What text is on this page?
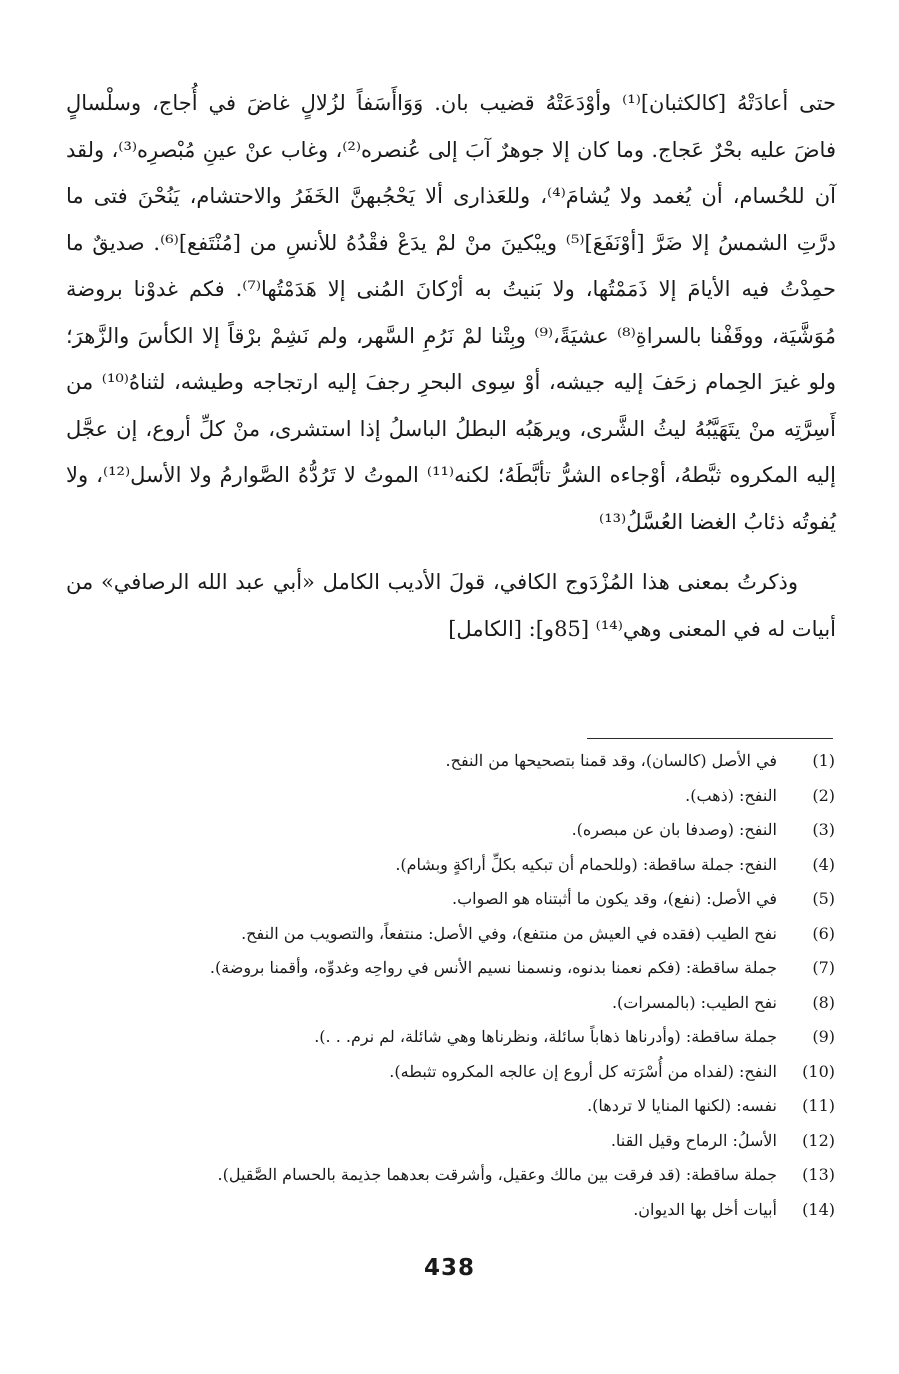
حتى أعادَتْهُ [كالكثبان]⁽¹⁾ وأوْدَعَتْهُ قضيب بان. وَوَاأَسَفاً لزُلالٍ غاضَ في أُجاج، وسلْسالٍ فاضَ عليه بحْرٌ عَجاج. وما كان إلا جوهرٌ آبَ إلى عُنصره⁽²⁾، وغاب عنْ عينِ مُبْصرِه⁽³⁾، ولقد آن للحُسام، أن يُغمد ولا يُشامَ⁽⁴⁾، وللعَذارى ألا يَحْجُبهنَّ الخَفَرُ والاحتشام، يَنُحْنَ فتى ما درَّتِ الشمسُ إلا ضَرَّ [أوْنَفَعَ]⁽⁵⁾ ويبْكينَ منْ لمْ يدَعْ فقْدُهُ للأنسِ من [مُنْتَفع]⁽⁶⁾. صديقٌ ما حمِدْتُ فيه الأيامَ إلا ذَمَمْتُها، ولا بَنيتُ به أرْكانَ المُنى إلا هَدَمْتُها⁽⁷⁾. فكم غدوْنا بروضة مُوَشَّيَة، ووقَفْنا بالسراةِ⁽⁸⁾ عشيَةً،⁽⁹⁾ وبِتْنا لمْ نَرُمِ السَّهر، ولم نَشِمْ برْقاً إلا الكأسَ والزَّهرَ؛ ولو غيرَ الحِمام زحَفَ إليه جيشه، أوْ سِوى البحرِ رجفَ إليه ارتجاجه وطيشه، لثناهُ⁽¹⁰⁾ من أَسِرَّتِه منْ يتَهَيَّبُهُ ليثُ الشَّرى، ويرهَبُه البطلُ الباسلُ إذا استشرى، منْ كلِّ أروع، إن عجَّل إليه المكروه ثبَّطهُ، أوْجاءه الشرُّ تأبَّطَهُ؛ لكنه⁽¹¹⁾ الموتُ لا تَرُدُّهُ الصَّوارمُ ولا الأسل⁽¹²⁾، ولا يُفوتُه ذئابُ الغضا العُسَّلُ⁽¹³⁾

وذكرتُ بمعنى هذا المُزْدَوج الكافي، قولَ الأديب الكامل «أبي عبد الله الرصافي» من أبيات له في المعنى وهي⁽¹⁴⁾ [85و]: [الكامل]

(1)
في الأصل (كالسان)، وقد قمنا بتصحيحها من النفح.
(2)
النفح: (ذهب).
(3)
النفح: (وصدفا بان عن مبصره).
(4)
النفح: جملة ساقطة: (وللحمام أن تبكيه بكلِّ أراكةٍ وبشام).
(5)
في الأصل: (نفع)، وقد يكون ما أثبتناه هو الصواب.
(6)
نفح الطيب (فقده في العيش من منتفع)، وفي الأصل: منتفعاً، والتصويب من النفح.
(7)
جملة ساقطة: (فكم نعمنا بدنوه، ونسمنا نسيم الأنس في رواحِه وغدوِّه، وأقمنا بروضة).
(8)
نفح الطيب: (بالمسرات).
(9)
جملة ساقطة: (وأدرناها ذهاباً سائلة، ونظرناها وهي شائلة، لم نرم. . .).
(10)
النفح: (لفداه من أُسْرَته كل أروع إن عالجه المكروه تثبطه).
(11)
نفسه: (لكنها المنايا لا تردها).
(12)
الأسلُ: الرماح وقيل القنا.
(13)
جملة ساقطة: (قد فرقت بين مالك وعقيل، وأشرقت بعدهما جذيمة بالحسام الصَّقيل).
(14)
أبيات أخل بها الديوان.
438
